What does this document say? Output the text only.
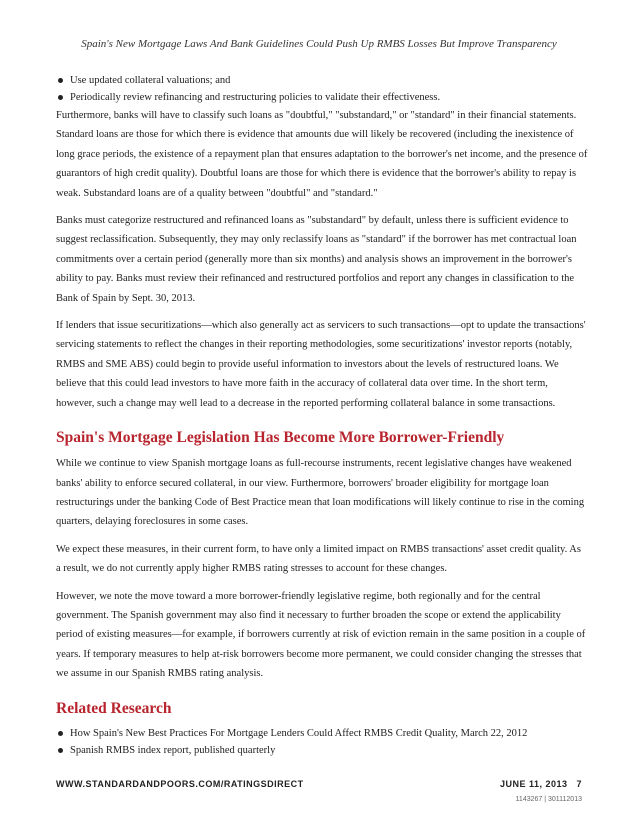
Spain's New Mortgage Laws And Bank Guidelines Could Push Up RMBS Losses But Improve Transparency
Use updated collateral valuations; and
Periodically review refinancing and restructuring policies to validate their effectiveness.

Furthermore, banks will have to classify such loans as "doubtful," "substandard," or "standard" in their financial statements. Standard loans are those for which there is evidence that amounts due will likely be recovered (including the inexistence of long grace periods, the existence of a repayment plan that ensures adaptation to the borrower's net income, and the presence of guarantors of high credit quality). Doubtful loans are those for which there is evidence that the borrower's ability to repay is weak. Substandard loans are of a quality between "doubtful" and "standard."

Banks must categorize restructured and refinanced loans as "substandard" by default, unless there is sufficient evidence to suggest reclassification. Subsequently, they may only reclassify loans as "standard" if the borrower has met contractual loan commitments over a certain period (generally more than six months) and analysis shows an improvement in the borrower's ability to pay. Banks must review their refinanced and restructured portfolios and report any changes in classification to the Bank of Spain by Sept. 30, 2013.

If lenders that issue securitizations—which also generally act as servicers to such transactions—opt to update the transactions' servicing statements to reflect the changes in their reporting methodologies, some securitizations' investor reports (notably, RMBS and SME ABS) could begin to provide useful information to investors about the levels of restructured loans. We believe that this could lead investors to have more faith in the accuracy of collateral data over time. In the short term, however, such a change may well lead to a decrease in the reported performing collateral balance in some transactions.

Spain's Mortgage Legislation Has Become More Borrower-Friendly

While we continue to view Spanish mortgage loans as full-recourse instruments, recent legislative changes have weakened banks' ability to enforce secured collateral, in our view. Furthermore, borrowers' broader eligibility for mortgage loan restructurings under the banking Code of Best Practice mean that loan modifications will likely continue to rise in the coming quarters, delaying foreclosures in some cases.

We expect these measures, in their current form, to have only a limited impact on RMBS transactions' asset credit quality. As a result, we do not currently apply higher RMBS rating stresses to account for these changes.

However, we note the move toward a more borrower-friendly legislative regime, both regionally and for the central government. The Spanish government may also find it necessary to further broaden the scope or extend the applicability period of existing measures—for example, if borrowers currently at risk of eviction remain in the same position in a couple of years. If temporary measures to help at-risk borrowers become more permanent, we could consider changing the stresses that we assume in our Spanish RMBS rating analysis.

Related Research
How Spain's New Best Practices For Mortgage Lenders Could Affect RMBS Credit Quality, March 22, 2012
Spanish RMBS index report, published quarterly
WWW.STANDARDANDPOORS.COM/RATINGSDIRECT	JUNE 11, 2013   7
1143267 | 301112013
